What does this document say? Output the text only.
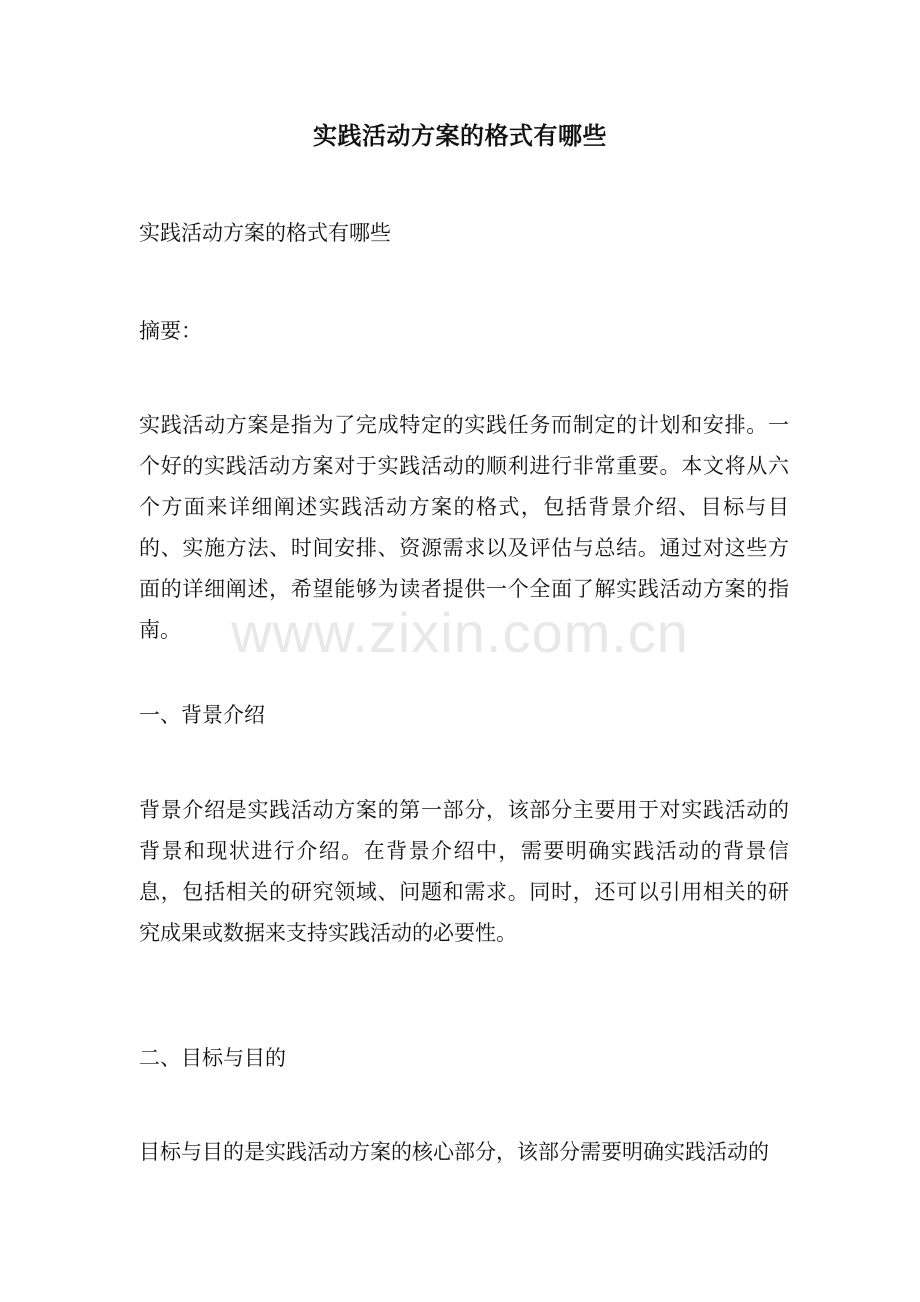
实践活动方案的格式有哪些
实践活动方案的格式有哪些
摘要：
实践活动方案是指为了完成特定的实践任务而制定的计划和安排。一个好的实践活动方案对于实践活动的顺利进行非常重要。本文将从六个方面来详细阐述实践活动方案的格式，包括背景介绍、目标与目的、实施方法、时间安排、资源需求以及评估与总结。通过对这些方面的详细阐述，希望能够为读者提供一个全面了解实践活动方案的指南。
一、背景介绍
背景介绍是实践活动方案的第一部分，该部分主要用于对实践活动的背景和现状进行介绍。在背景介绍中，需要明确实践活动的背景信息，包括相关的研究领域、问题和需求。同时，还可以引用相关的研究成果或数据来支持实践活动的必要性。
二、目标与目的
目标与目的是实践活动方案的核心部分，该部分需要明确实践活动的
www.zixin.com.cn
